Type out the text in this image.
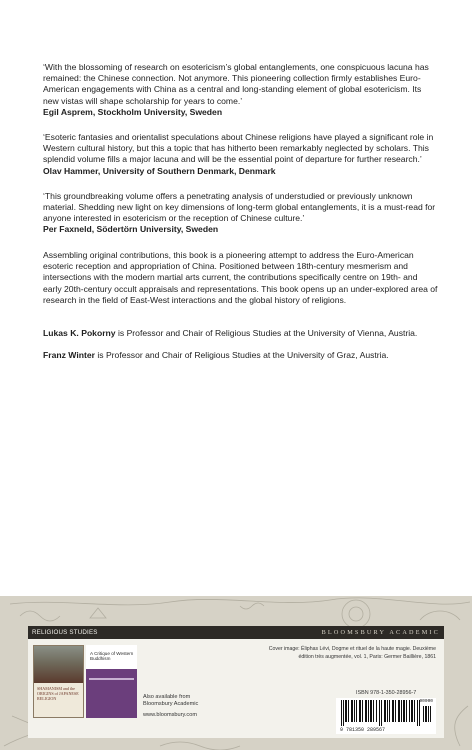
‘With the blossoming of research on esotericism’s global entanglements, one conspicuous lacuna has remained: the Chinese connection. Not anymore. This pioneering collection firmly establishes Euro-American engagements with China as a central and long-standing element of global esotericism. Its new vistas will shape scholarship for years to come.’

Egil Asprem, Stockholm University, Sweden

‘Esoteric fantasies and orientalist speculations about Chinese religions have played a significant role in Western cultural history, but this a topic that has hitherto been remarkably neglected by scholars. This splendid volume fills a major lacuna and will be the essential point of departure for further research.’

Olav Hammer, University of Southern Denmark, Denmark

‘This groundbreaking volume offers a penetrating analysis of understudied or previously unknown material. Shedding new light on key dimensions of long-term global entanglements, it is a must-read for anyone interested in esotericism or the reception of Chinese culture.’

Per Faxneld, Södertörn University, Sweden

Assembling original contributions, this book is a pioneering attempt to address the Euro-American esoteric reception and appropriation of China. Positioned between 18th-century mesmerism and intersections with the modern martial arts current, the contributions specifically centre on 19th- and early 20th-century occult appraisals and representations. This book opens up an under-explored area of research in the field of East-West interactions and the global history of religions.

Lukas K. Pokorny is Professor and Chair of Religious Studies at the University of Vienna, Austria.

Franz Winter is Professor and Chair of Religious Studies at the University of Graz, Austria.

RELIGIOUS STUDIES	BLOOMSBURY ACADEMIC
SHAMANISM and the ORIGINS of JAPANESE RELIGION
A Critique of Western Buddhism
Also available from
Bloomsbury Academic
www.bloomsbury.com
Cover image: Éliphas Lévi, Dogme et rituel de la haute magie. Deuxième
édition très augmentée, vol. 1, Paris: Germer Baillière, 1861
ISBN 978-1-350-28956-7
9 781350 289567
90000
